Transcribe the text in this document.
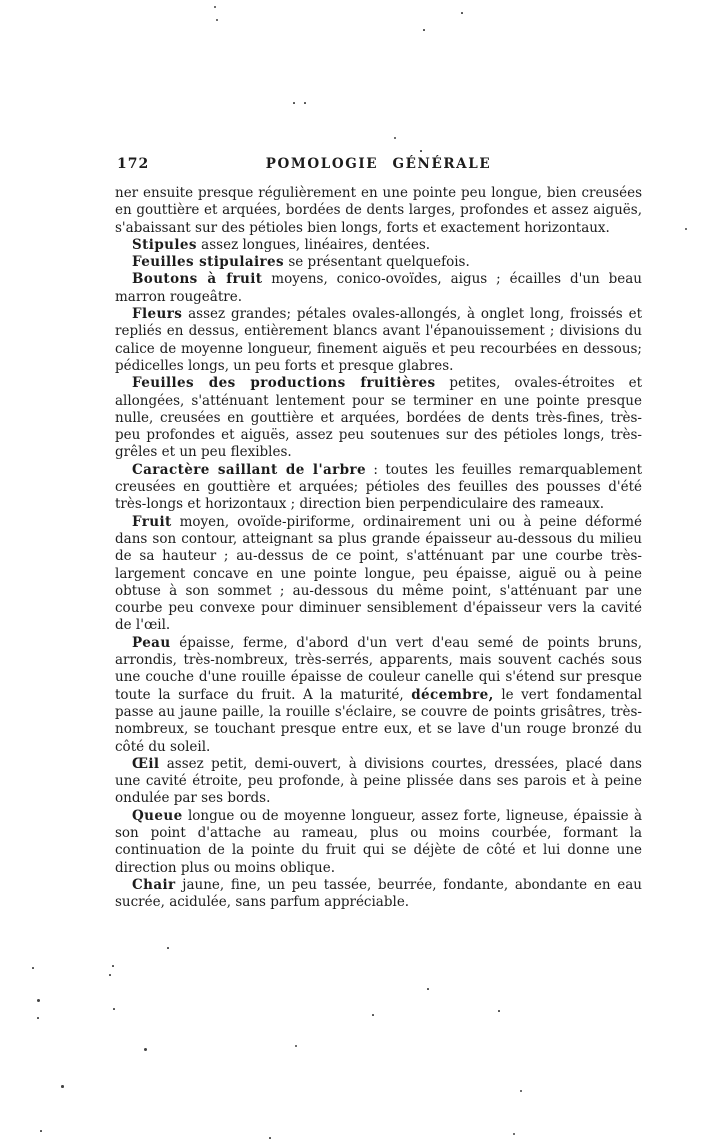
172	POMOLOGIE GÉNÉRALE

ner ensuite presque régulièrement en une pointe peu longue, bien creusées en gouttière et arquées, bordées de dents larges, profondes et assez aiguës, s'abaissant sur des pétioles bien longs, forts et exactement horizontaux.

Stipules assez longues, linéaires, dentées.

Feuilles stipulaires se présentant quelquefois.

Boutons à fruit moyens, conico-ovoïdes, aigus ; écailles d'un beau marron rougeâtre.

Fleurs assez grandes; pétales ovales-allongés, à onglet long, froissés et repliés en dessus, entièrement blancs avant l'épanouissement ; divisions du calice de moyenne longueur, finement aiguës et peu recourbées en dessous; pédicelles longs, un peu forts et presque glabres.

Feuilles des productions fruitières petites, ovales-étroites et allongées, s'atténuant lentement pour se terminer en une pointe presque nulle, creusées en gouttière et arquées, bordées de dents très-fines, très-peu profondes et aiguës, assez peu soutenues sur des pétioles longs, très-grêles et un peu flexibles.

Caractère saillant de l'arbre : toutes les feuilles remarquablement creusées en gouttière et arquées; pétioles des feuilles des pousses d'été très-longs et horizontaux ; direction bien perpendiculaire des rameaux.

Fruit moyen, ovoïde-piriforme, ordinairement uni ou à peine déformé dans son contour, atteignant sa plus grande épaisseur au-dessous du milieu de sa hauteur ; au-dessus de ce point, s'atténuant par une courbe très-largement concave en une pointe longue, peu épaisse, aiguë ou à peine obtuse à son sommet ; au-dessous du même point, s'atténuant par une courbe peu convexe pour diminuer sensiblement d'épaisseur vers la cavité de l'œil.

Peau épaisse, ferme, d'abord d'un vert d'eau semé de points bruns, arrondis, très-nombreux, très-serrés, apparents, mais souvent cachés sous une couche d'une rouille épaisse de couleur canelle qui s'étend sur presque toute la surface du fruit. A la maturité, décembre, le vert fondamental passe au jaune paille, la rouille s'éclaire, se couvre de points grisâtres, très-nombreux, se touchant presque entre eux, et se lave d'un rouge bronzé du côté du soleil.

Œil assez petit, demi-ouvert, à divisions courtes, dressées, placé dans une cavité étroite, peu profonde, à peine plissée dans ses parois et à peine ondulée par ses bords.

Queue longue ou de moyenne longueur, assez forte, ligneuse, épaissie à son point d'attache au rameau, plus ou moins courbée, formant la continuation de la pointe du fruit qui se déjète de côté et lui donne une direction plus ou moins oblique.

Chair jaune, fine, un peu tassée, beurrée, fondante, abondante en eau sucrée, acidulée, sans parfum appréciable.
